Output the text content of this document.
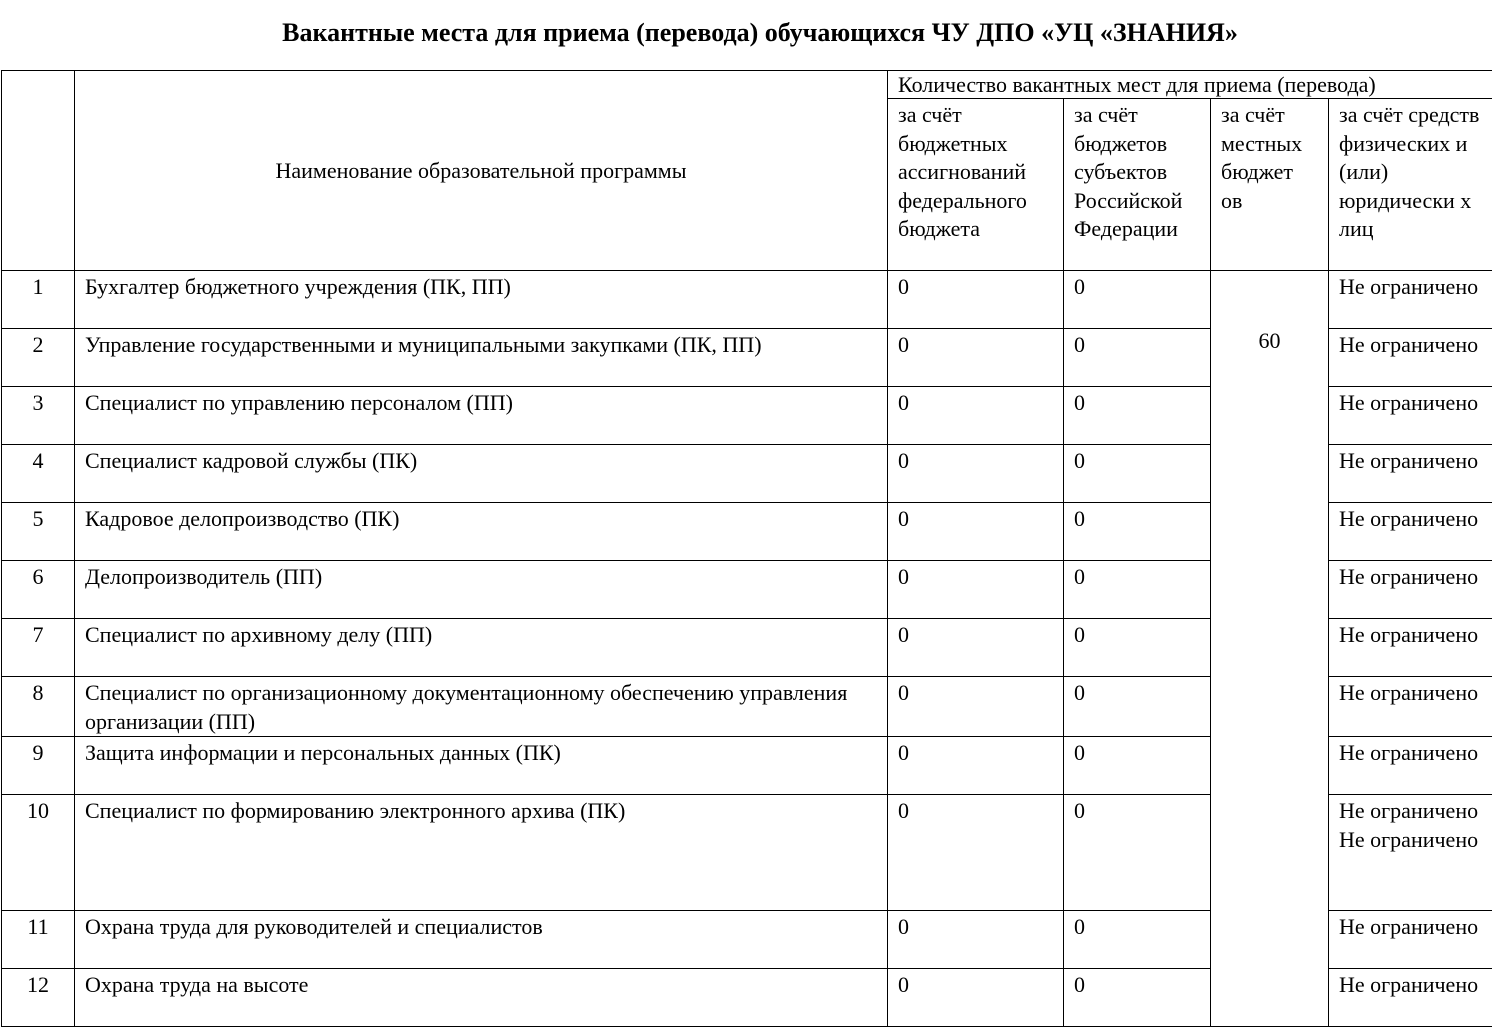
Вакантные места для приема (перевода) обучающихся ЧУ ДПО «УЦ «ЗНАНИЯ»
	Наименование образовательной программы	Количество вакантных мест для приема (перевода)			
		за счёт бюджетных ассигнований федерального бюджета	за счёт бюджетов субъектов Российской Федерации	за счёт местных бюджет ов	за счёт средств физических и (или) юридически х лиц
1	Бухгалтер бюджетного учреждения (ПК, ПП)	0	0	60	Не ограничено
2	Управление государственными и муниципальными закупками (ПК, ПП)	0	0		Не ограничено
3	Специалист по управлению персоналом (ПП)	0	0		Не ограничено
4	Специалист кадровой службы (ПК)	0	0		Не ограничено
5	Кадровое делопроизводство (ПК)	0	0		Не ограничено
6	Делопроизводитель (ПП)	0	0		Не ограничено
7	Специалист по архивному делу (ПП)	0	0		Не ограничено
8	Специалист по организационному документационному обеспечению управления организации (ПП)	0	0		Не ограничено
9	Защита информации и персональных данных (ПК)	0	0		Не ограничено
10	Специалист по формированию электронного архива (ПК)	0	0		Не ограничено Не ограничено
11	Охрана труда для руководителей и специалистов	0	0		Не ограничено
12	Охрана труда на высоте	0	0		Не ограничено
